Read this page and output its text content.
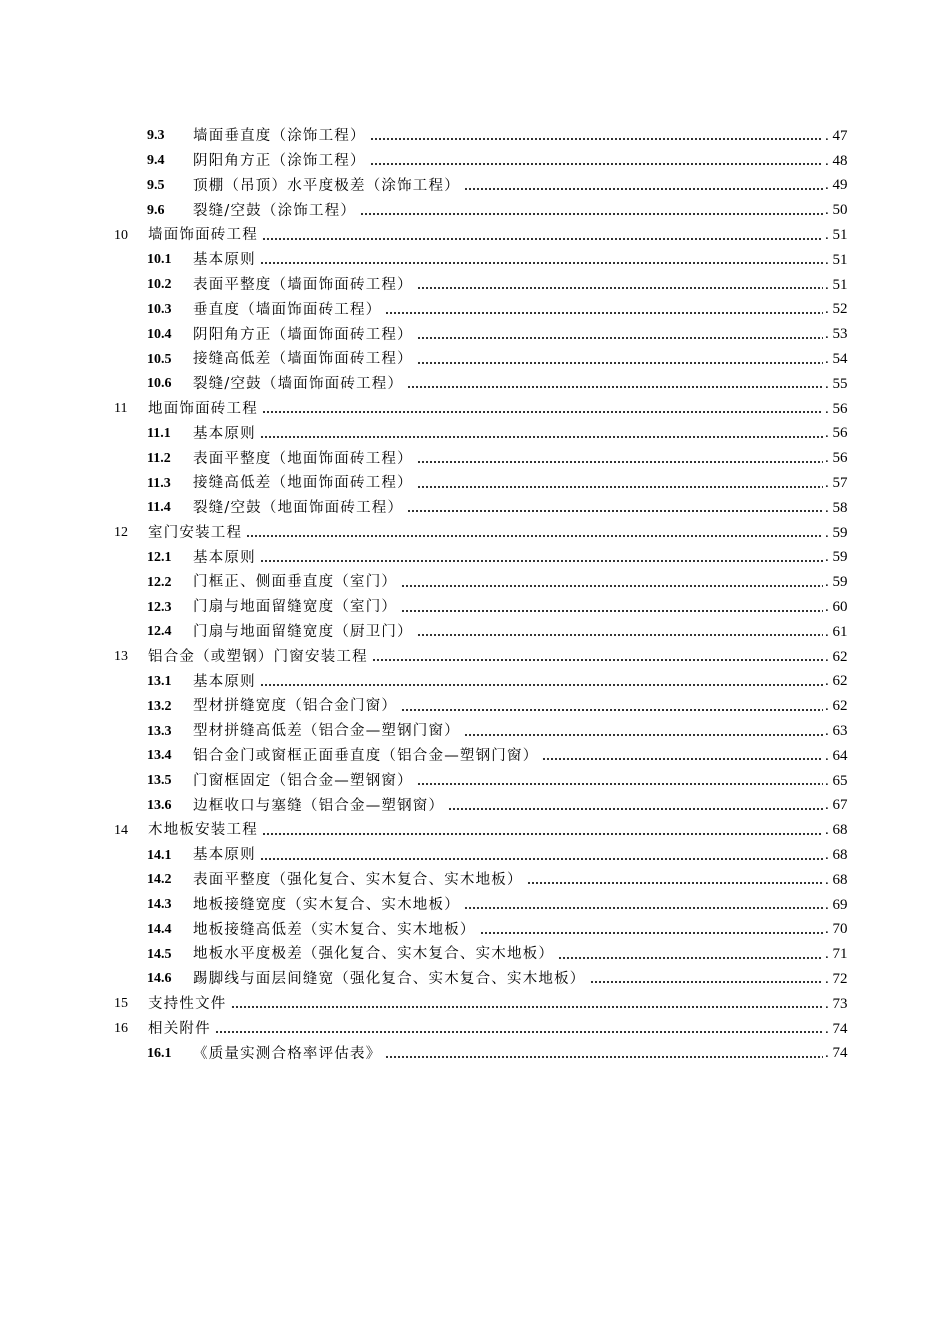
9.3	墙面垂直度（涂饰工程）	. 47
9.4	阴阳角方正（涂饰工程）	. 48
9.5	顶棚（吊顶）水平度极差（涂饰工程）	. 49
9.6	裂缝/空鼓（涂饰工程）	. 50
10	墙面饰面砖工程	. 51
10.1	基本原则	. 51
10.2	表面平整度（墙面饰面砖工程）	. 51
10.3	垂直度（墙面饰面砖工程）	. 52
10.4	阴阳角方正（墙面饰面砖工程）	. 53
10.5	接缝高低差（墙面饰面砖工程）	. 54
10.6	裂缝/空鼓（墙面饰面砖工程）	. 55
11	地面饰面砖工程	. 56
11.1	基本原则	. 56
11.2	表面平整度（地面饰面砖工程）	. 56
11.3	接缝高低差（地面饰面砖工程）	. 57
11.4	裂缝/空鼓（地面饰面砖工程）	. 58
12	室门安装工程	. 59
12.1	基本原则	. 59
12.2	门框正、侧面垂直度（室门）	. 59
12.3	门扇与地面留缝宽度（室门）	. 60
12.4	门扇与地面留缝宽度（厨卫门）	. 61
13	铝合金（或塑钢）门窗安装工程	. 62
13.1	基本原则	. 62
13.2	型材拼缝宽度（铝合金门窗）	. 62
13.3	型材拼缝高低差（铝合金—塑钢门窗）	. 63
13.4	铝合金门或窗框正面垂直度（铝合金—塑钢门窗）	. 64
13.5	门窗框固定（铝合金—塑钢窗）	. 65
13.6	边框收口与塞缝（铝合金—塑钢窗）	. 67
14	木地板安装工程	. 68
14.1	基本原则	. 68
14.2	表面平整度（强化复合、实木复合、实木地板）	. 68
14.3	地板接缝宽度（实木复合、实木地板）	. 69
14.4	地板接缝高低差（实木复合、实木地板）	. 70
14.5	地板水平度极差（强化复合、实木复合、实木地板）	. 71
14.6	踢脚线与面层间缝宽（强化复合、实木复合、实木地板）	. 72
15	支持性文件	. 73
16	相关附件	. 74
16.1	《质量实测合格率评估表》	. 74
